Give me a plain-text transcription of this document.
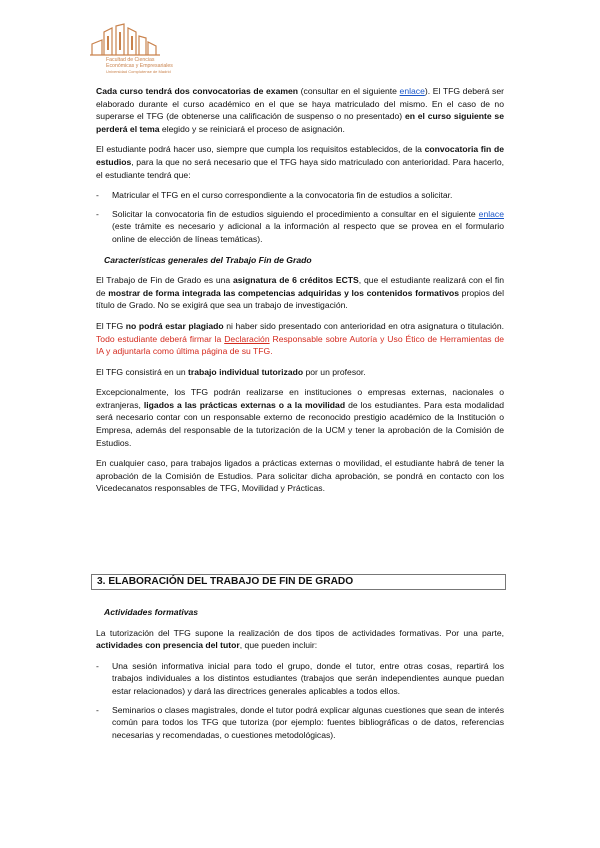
Facultad de Ciencias
Económicas y Empresariales
Universidad Complutense de Madrid

Cada curso tendrá dos convocatorias de examen (consultar en el siguiente enlace). El TFG deberá ser elaborado durante el curso académico en el que se haya matriculado del mismo. En el caso de no superarse el TFG (de obtenerse una calificación de suspenso o no presentado) en el curso siguiente se perderá el tema elegido y se reiniciará el proceso de asignación.

El estudiante podrá hacer uso, siempre que cumpla los requisitos establecidos, de la convocatoria fin de estudios, para la que no será necesario que el TFG haya sido matriculado con anterioridad. Para hacerlo, el estudiante tendrá que:

- Matricular el TFG en el curso correspondiente a la convocatoria fin de estudios a solicitar.
- Solicitar la convocatoria fin de estudios siguiendo el procedimiento a consultar en el siguiente enlace (este trámite es necesario y adicional a la información al respecto que se provea en el formulario online de elección de líneas temáticas).
Características generales del Trabajo Fin de Grado

El Trabajo de Fin de Grado es una asignatura de 6 créditos ECTS, que el estudiante realizará con el fin de mostrar de forma integrada las competencias adquiridas y los contenidos formativos propios del título de Grado. No se exigirá que sea un trabajo de investigación.

El TFG no podrá estar plagiado ni haber sido presentado con anterioridad en otra asignatura o titulación. Todo estudiante deberá firmar la Declaración Responsable sobre Autoría y Uso Ético de Herramientas de IA y adjuntarla como última página de su TFG.

El TFG consistirá en un trabajo individual tutorizado por un profesor.

Excepcionalmente, los TFG podrán realizarse en instituciones o empresas externas, nacionales o extranjeras, ligados a las prácticas externas o a la movilidad de los estudiantes. Para esta modalidad será necesario contar con un responsable externo de reconocido prestigio académico de la Institución o Empresa, además del responsable de la tutorización de la UCM y tener la aprobación de la Comisión de Estudios.

En cualquier caso, para trabajos ligados a prácticas externas o movilidad, el estudiante habrá de tener la aprobación de la Comisión de Estudios. Para solicitar dicha aprobación, se pondrá en contacto con los Vicedecanatos responsables de TFG, Movilidad y Prácticas.

3. ELABORACIÓN DEL TRABAJO DE FIN DE GRADO
Actividades formativas

La tutorización del TFG supone la realización de dos tipos de actividades formativas. Por una parte, actividades con presencia del tutor, que pueden incluir:

- Una sesión informativa inicial para todo el grupo, donde el tutor, entre otras cosas, repartirá los trabajos individuales a los distintos estudiantes (trabajos que serán independientes aunque puedan estar relacionados) y dará las directrices generales aplicables a todos ellos.
- Seminarios o clases magistrales, donde el tutor podrá explicar algunas cuestiones que sean de interés común para todos los TFG que tutoriza (por ejemplo: fuentes bibliográficas o de datos, referencias necesarias y recomendadas, o cuestiones metodológicas).
